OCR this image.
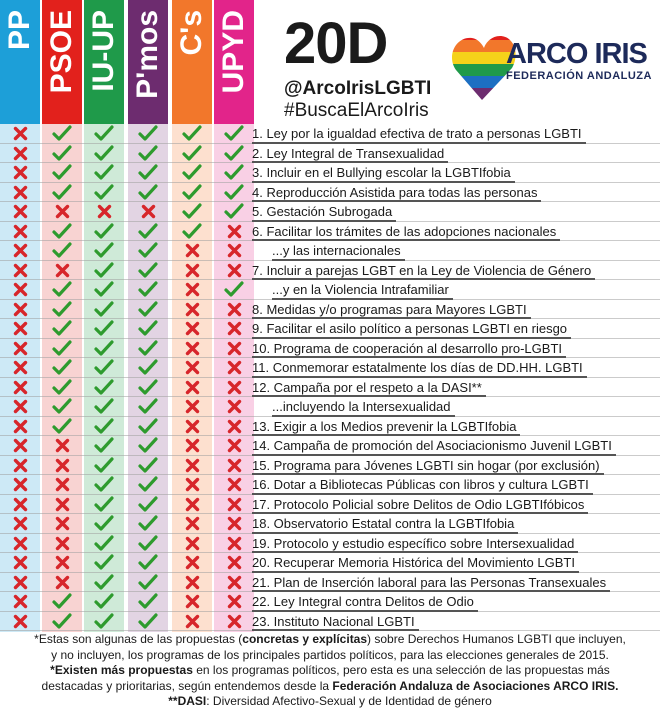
PP PSOE IU-UP P'mos C's UPYD 20D
@ArcoIrisLGBTI
#BuscaElArcoIris
ARCO IRIS
FEDERACIÓN ANDALUZA
1. Ley por la igualdad efectiva de trato a personas LGBTI
2. Ley Integral de Transexualidad
3. Incluir en el Bullying escolar la LGBTIfobia
4. Reproducción Asistida para todas las personas
5. Gestación Subrogada
6. Facilitar los trámites de las adopciones nacionales
...y las internacionales
7. Incluir a parejas LGBT en la Ley de Violencia de Género
...y en la Violencia Intrafamiliar
8. Medidas y/o programas para Mayores LGBTI
9. Facilitar el asilo político a personas LGBTI en riesgo
10. Programa de cooperación al desarrollo pro-LGBTI
11. Conmemorar estatalmente los días de DD.HH. LGBTI
12. Campaña por el respeto a la DASI**
...incluyendo la Intersexualidad
13. Exigir a los Medios prevenir la LGBTIfobia
14. Campaña de promoción del Asociacionismo Juvenil LGBTI
15. Programa para Jóvenes LGBTI sin hogar (por exclusión)
16. Dotar a Bibliotecas Públicas con libros y cultura LGBTI
17. Protocolo Policial sobre Delitos de Odio LGBTIfóbicos
18. Observatorio Estatal contra la LGBTIfobia
19. Protocolo y estudio específico sobre Intersexualidad
20. Recuperar Memoria Histórica del Movimiento LGBTI
21. Plan de Inserción laboral para las Personas Transexuales
22. Ley Integral contra Delitos de Odio
23. Instituto Nacional LGBTI
*Estas son algunas de las propuestas (concretas y explícitas) sobre Derechos Humanos LGBTI que incluyen,
y no incluyen, los programas de los principales partidos políticos, para las elecciones generales de 2015.
*Existen más propuestas en los programas políticos, pero esta es una selección de las propuestas más
destacadas y prioritarias, según entendemos desde la Federación Andaluza de Asociaciones ARCO IRIS.
**DASI: Diversidad Afectivo-Sexual y de Identidad de género
